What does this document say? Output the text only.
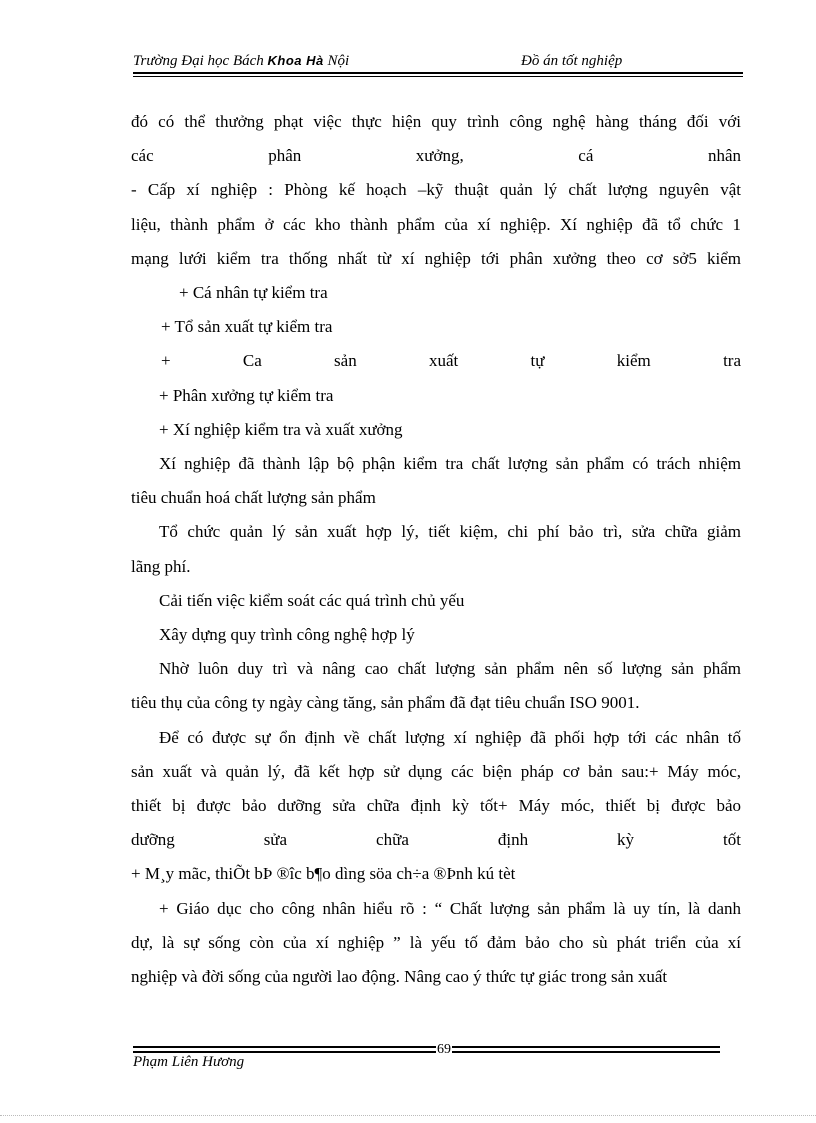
Trường Đại học Bách Khoa Hà Nội	Đồ án tốt nghiệp

đó có thể thưởng phạt việc thực hiện quy trình công nghệ hàng tháng đối với

các phân xưởng, cá nhân

- Cấp xí nghiệp : Phòng kế hoạch –kỹ thuật quản lý chất lượng nguyên vật

liệu, thành phẩm ở các kho thành phẩm của xí nghiệp. Xí nghiệp đã tổ chức 1

mạng lưới kiểm tra thống nhất từ xí nghiệp tới phân xưởng theo cơ sở5 kiểm

+ Cá nhân tự kiểm tra

+ Tổ sản xuất tự kiểm tra

+ Ca sản xuất tự kiểm tra

+ Phân xưởng tự kiểm tra

+ Xí nghiệp kiểm tra và xuất xưởng

Xí nghiệp đã thành lập bộ phận kiểm tra chất lượng sản phẩm có trách nhiệm

tiêu chuẩn hoá chất lượng sản phẩm

Tổ chức quản lý sản xuất hợp lý, tiết kiệm, chi phí bảo trì, sửa chữa giảm

lãng phí.

Cải tiến việc kiểm soát các quá trình chủ yếu

Xây dựng quy trình công nghệ hợp lý

Nhờ luôn duy trì và nâng cao chất lượng sản phẩm nên số lượng sản phẩm

tiêu thụ của công ty ngày càng tăng, sản phẩm đã đạt tiêu chuẩn ISO 9001.

Để có được sự ổn định về chất lượng xí nghiệp đã phối hợp tới các nhân tố

sản xuất và quản lý, đã kết hợp sử dụng các biện pháp cơ bản sau:+ Máy móc,

thiết bị được bảo dưỡng sửa chữa định kỳ tốt+ Máy móc, thiết bị được bảo

dưỡng sửa chữa định kỳ tốt

+ M¸y mãc, thiÕt bÞ ®îc b¶o dìng söa ch÷a ®Þnh kú tèt

+ Giáo dục cho công nhân hiểu rõ : “ Chất lượng sản phẩm là uy tín, là danh

dự, là sự sống còn của xí nghiệp ” là yếu tố đảm bảo cho sù phát triển của xí

nghiệp và đời sống của người lao động. Nâng cao ý thức tự giác trong sản xuất

69
Phạm Liên Hương
